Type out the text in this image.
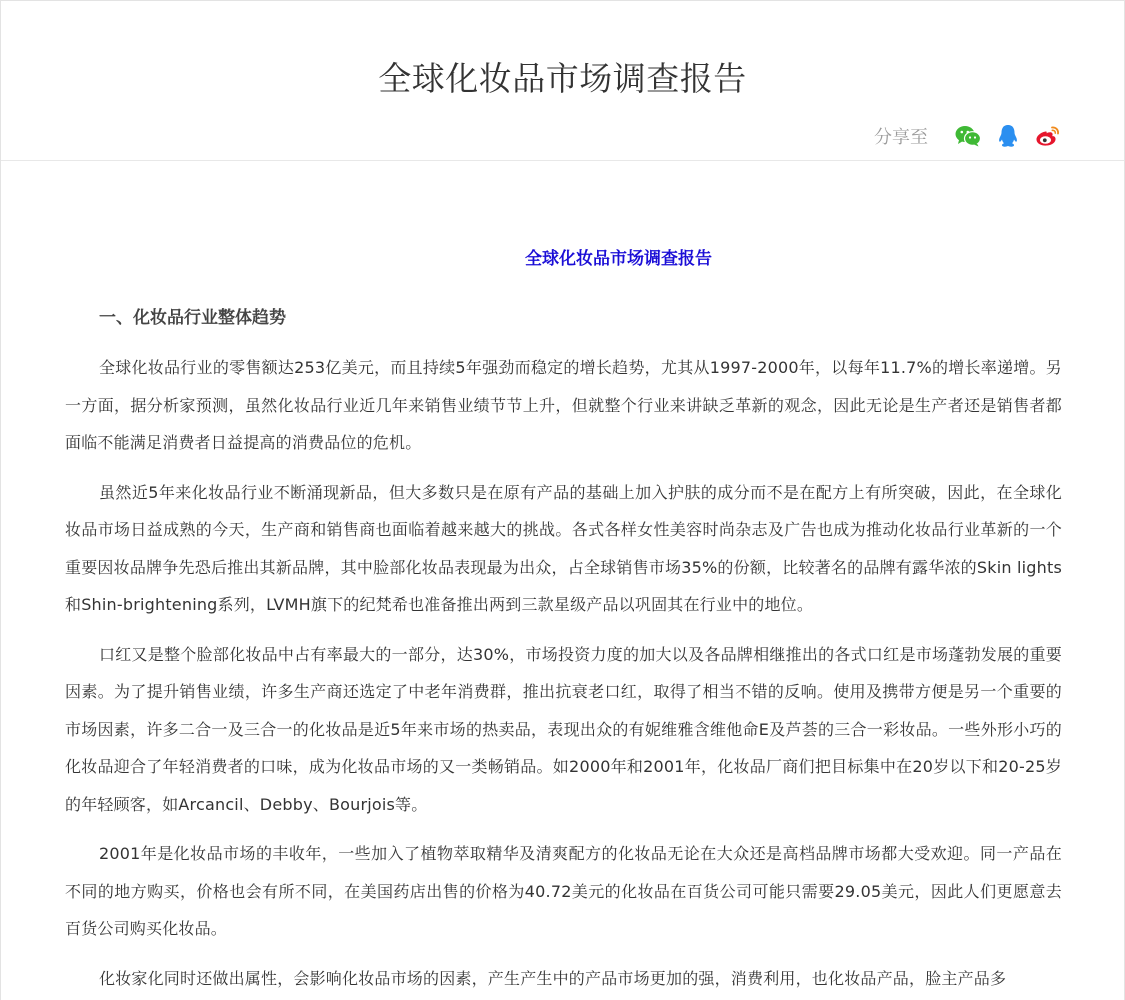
全球化妆品市场调查报告
分享至
全球化妆品市场调查报告
一、化妆品行业整体趋势

全球化妆品行业的零售额达253亿美元，而且持续5年强劲而稳定的增长趋势，尤其从1997-2000年，以每年11.7%的增长率递增。另一方面，据分析家预测，虽然化妆品行业近几年来销售业绩节节上升，但就整个行业来讲缺乏革新的观念，因此无论是生产者还是销售者都面临不能满足消费者日益提高的消费品位的危机。

虽然近5年来化妆品行业不断涌现新品，但大多数只是在原有产品的基础上加入护肤的成分而不是在配方上有所突破，因此，在全球化妆品市场日益成熟的今天，生产商和销售商也面临着越来越大的挑战。各式各样女性美容时尚杂志及广告也成为推动化妆品行业革新的一个重要因妆品牌争先恐后推出其新品牌，其中脸部化妆品表现最为出众，占全球销售市场35%的份额，比较著名的品牌有露华浓的Skin lights和Shin-brightening系列，LVMH旗下的纪梵希也准备推出两到三款星级产品以巩固其在行业中的地位。

口红又是整个脸部化妆品中占有率最大的一部分，达30%，市场投资力度的加大以及各品牌相继推出的各式口红是市场蓬勃发展的重要因素。为了提升销售业绩，许多生产商还选定了中老年消费群，推出抗衰老口红，取得了相当不错的反响。使用及携带方便是另一个重要的市场因素，许多二合一及三合一的化妆品是近5年来市场的热卖品，表现出众的有妮维雅含维他命E及芦荟的三合一彩妆品。一些外形小巧的化妆品迎合了年轻消费者的口味，成为化妆品市场的又一类畅销品。如2000年和2001年，化妆品厂商们把目标集中在20岁以下和20-25岁的年轻顾客，如Arcancil、Debby、Bourjois等。

2001年是化妆品市场的丰收年，一些加入了植物萃取精华及清爽配方的化妆品无论在大众还是高档品牌市场都大受欢迎。同一产品在不同的地方购买，价格也会有所不同，在美国药店出售的价格为40.72美元的化妆品在百货公司可能只需要29.05美元，因此人们更愿意去百货公司购买化妆品。

化妆家化同时还做出属性，会影响化妆品市场的因素，产生产生中的产品市场更加的强，消费利用，也化妆品产品，脸主产品多
